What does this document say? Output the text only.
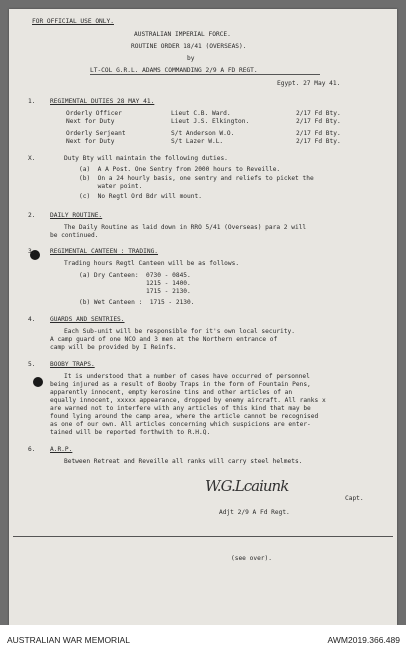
FOR OFFICIAL USE ONLY.
AUSTRALIAN IMPERIAL FORCE.
ROUTINE ORDER 18/41 (OVERSEAS).
by
LT-COL G.R.L. ADAMS COMMANDING 2/9 A FD REGT.
Egypt. 27 May 41.
1. REGIMENTAL DUTIES 28 MAY 41.
Orderly Officer	Lieut C.B. Ward.	2/17 Fd Bty.
Next for Duty	Lieut J.S. Elkington.	2/17 Fd Bty.
Orderly Serjeant	S/t Anderson W.O.	2/17 Fd Bty.
Next for Duty	S/t Lazer W.L.	2/17 Fd Bty.
X.	Duty Bty will maintain the following duties.
(a)  A A Post. One Sentry from 2000 hours to Reveille.
(b)  On a 24 hourly basis, one sentry and reliefs to picket the
water point.
(c)  No Regtl Ord Bdr will mount.
2. DAILY ROUTINE.
The Daily Routine as laid down in RRO 5/41 (Overseas) para 2 will
be continued.
3. REGIMENTAL CANTEEN : TRADING.
Trading hours Regtl Canteen will be as follows.
(a) Dry Canteen:  0730 - 0845.
1215 - 1400.
1715 - 2130.
(b) Wet Canteen :  1715 - 2130.
4. GUARDS AND SENTRIES.
Each Sub-unit will be responsible for it's own local security.
A camp guard of one NCO and 3 men at the Northern entrance of
camp will be provided by I Reinfs.
5. BOOBY TRAPS.
It is understood that a number of cases have occurred of personnel
being injured as a result of Booby Traps in the form of Fountain Pens,
apparently innocent, empty kerosine tins and other articles of an
equally innocent, xxxxx appearance, dropped by enemy aircraft. All ranks x
are warned not to interfere with any articles of this kind that may be
found lying around the camp area, where the article cannot be recognised
as one of our own. All articles concerning which suspicions are enter-
tained will be reported forthwith to R.H.Q.
6. A.R.P.
Between Retreat and Reveille all ranks will carry steel helmets.
W.G.Lcaiunk
Capt.
Adjt 2/9 A Fd Regt.
(see over).
AUSTRALIAN WAR MEMORIAL	AWM2019.366.489
